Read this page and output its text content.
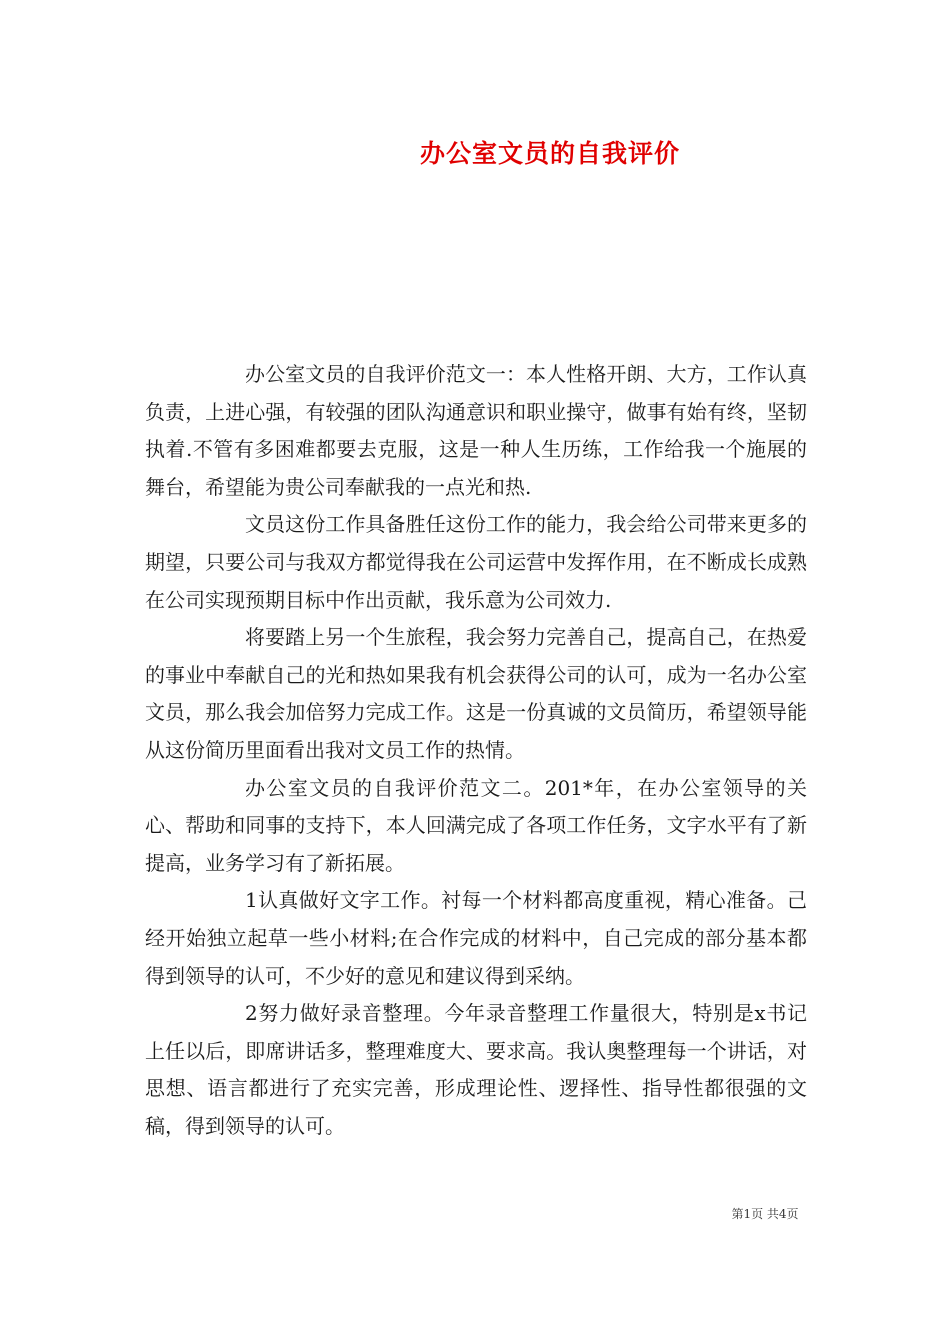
办公室文员的自我评价

办公室文员的自我评价范文一：本人性格开朗、大方，工作认真负责，上进心强，有较强的团队沟通意识和职业操守，做事有始有终，坚韧执着.不管有多困难都要去克服，这是一种人生历练，工作给我一个施展的舞台，希望能为贵公司奉献我的一点光和热.

文员这份工作具备胜任这份工作的能力，我会给公司带来更多的期望，只要公司与我双方都觉得我在公司运营中发挥作用，在不断成长成熟在公司实现预期目标中作出贡献，我乐意为公司效力.

将要踏上另一个生旅程，我会努力完善自己，提高自己，在热爱的事业中奉献自己的光和热如果我有机会获得公司的认可，成为一名办公室文员，那么我会加倍努力完成工作。这是一份真诚的文员简历，希望领导能从这份简历里面看出我对文员工作的热情。

办公室文员的自我评价范文二。201*年，在办公室领导的关心、帮助和同事的支持下，本人回满完成了各项工作任务，文字水平有了新提高，业务学习有了新拓展。

1认真做好文字工作。衬每一个材料都高度重视，精心准备。己经开始独立起草一些小材料;在合作完成的材料中，自己完成的部分基本都得到领导的认可，不少好的意见和建议得到采纳。

2努力做好录音整理。今年录音整理工作量很大，特别是x书记上任以后，即席讲话多，整理难度大、要求高。我认奥整理每一个讲话，对思想、语言都进行了充实完善，形成理论性、逻择性、指导性都很强的文稿，得到领导的认可。

第1页 共4页
